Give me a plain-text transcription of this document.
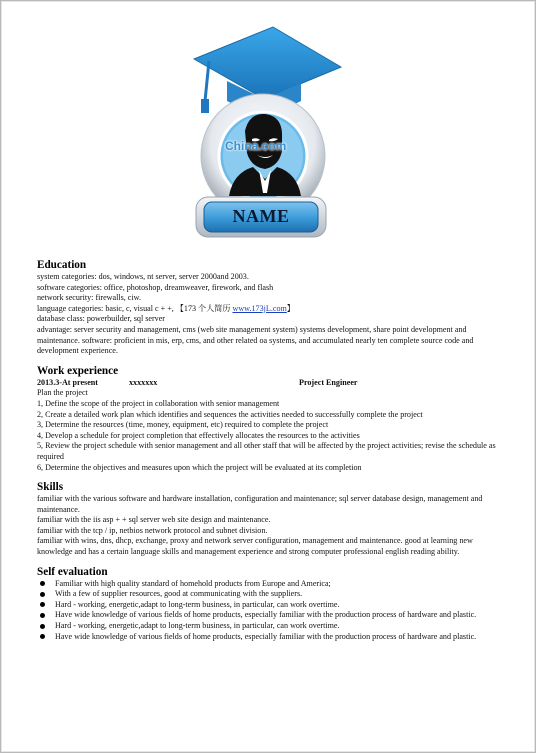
China.com
NAME
Education
system categories: dos, windows, nt server, server 2000and 2003.
software categories: office, photoshop, dreamweaver, firework, and flash
network security: firewalls, ciw.
language categories: basic, c, visual c + +, 【173 个人简历 www.173jL.com】
database class: powerbuilder, sql server
advantage: server security and management, cms (web site management system) systems development, share point development and maintenance. software: proficient in mis, erp, cms, and other related oa systems, and accumulated nearly ten complete source code and development experience.
Work experience
2013.3-At present	xxxxxxx	Project Engineer
Plan the project
1, Define the scope of the project in collaboration with senior management
2, Create a detailed work plan which identifies and sequences the activities needed to successfully complete the project
3, Determine the resources (time, money, equipment, etc) required to complete the project
4, Develop a schedule for project completion that effectively allocates the resources to the activities
5, Review the project schedule with senior management and all other staff that will be affected by the project activities; revise the schedule as required
6, Determine the objectives and measures upon which the project will be evaluated at its completion
Skills
familiar with the various software and hardware installation, configuration and maintenance; sql server database design, management and maintenance.
familiar with the iis asp + + sql server web site design and maintenance.
familiar with the tcp / ip, netbios network protocol and subnet division.
familiar with wins, dns, dhcp, exchange, proxy and network server configuration, management and maintenance. good at learning new knowledge and has a certain language skills and management experience and strong computer professional english reading ability.
Self evaluation
Familiar with high quality standard of homehold products from Europe and America;
With a few of supplier resources, good at communicating with the suppliers.
Hard - working, energetic,adapt to long-term business, in particular, can work overtime.
Have wide knowledge of various fields of home products, especially familiar with the production process of hardware and plastic.
Hard - working, energetic,adapt to long-term business, in particular, can work overtime.
Have wide knowledge of various fields of home products, especially familiar with the production process of hardware and plastic.
